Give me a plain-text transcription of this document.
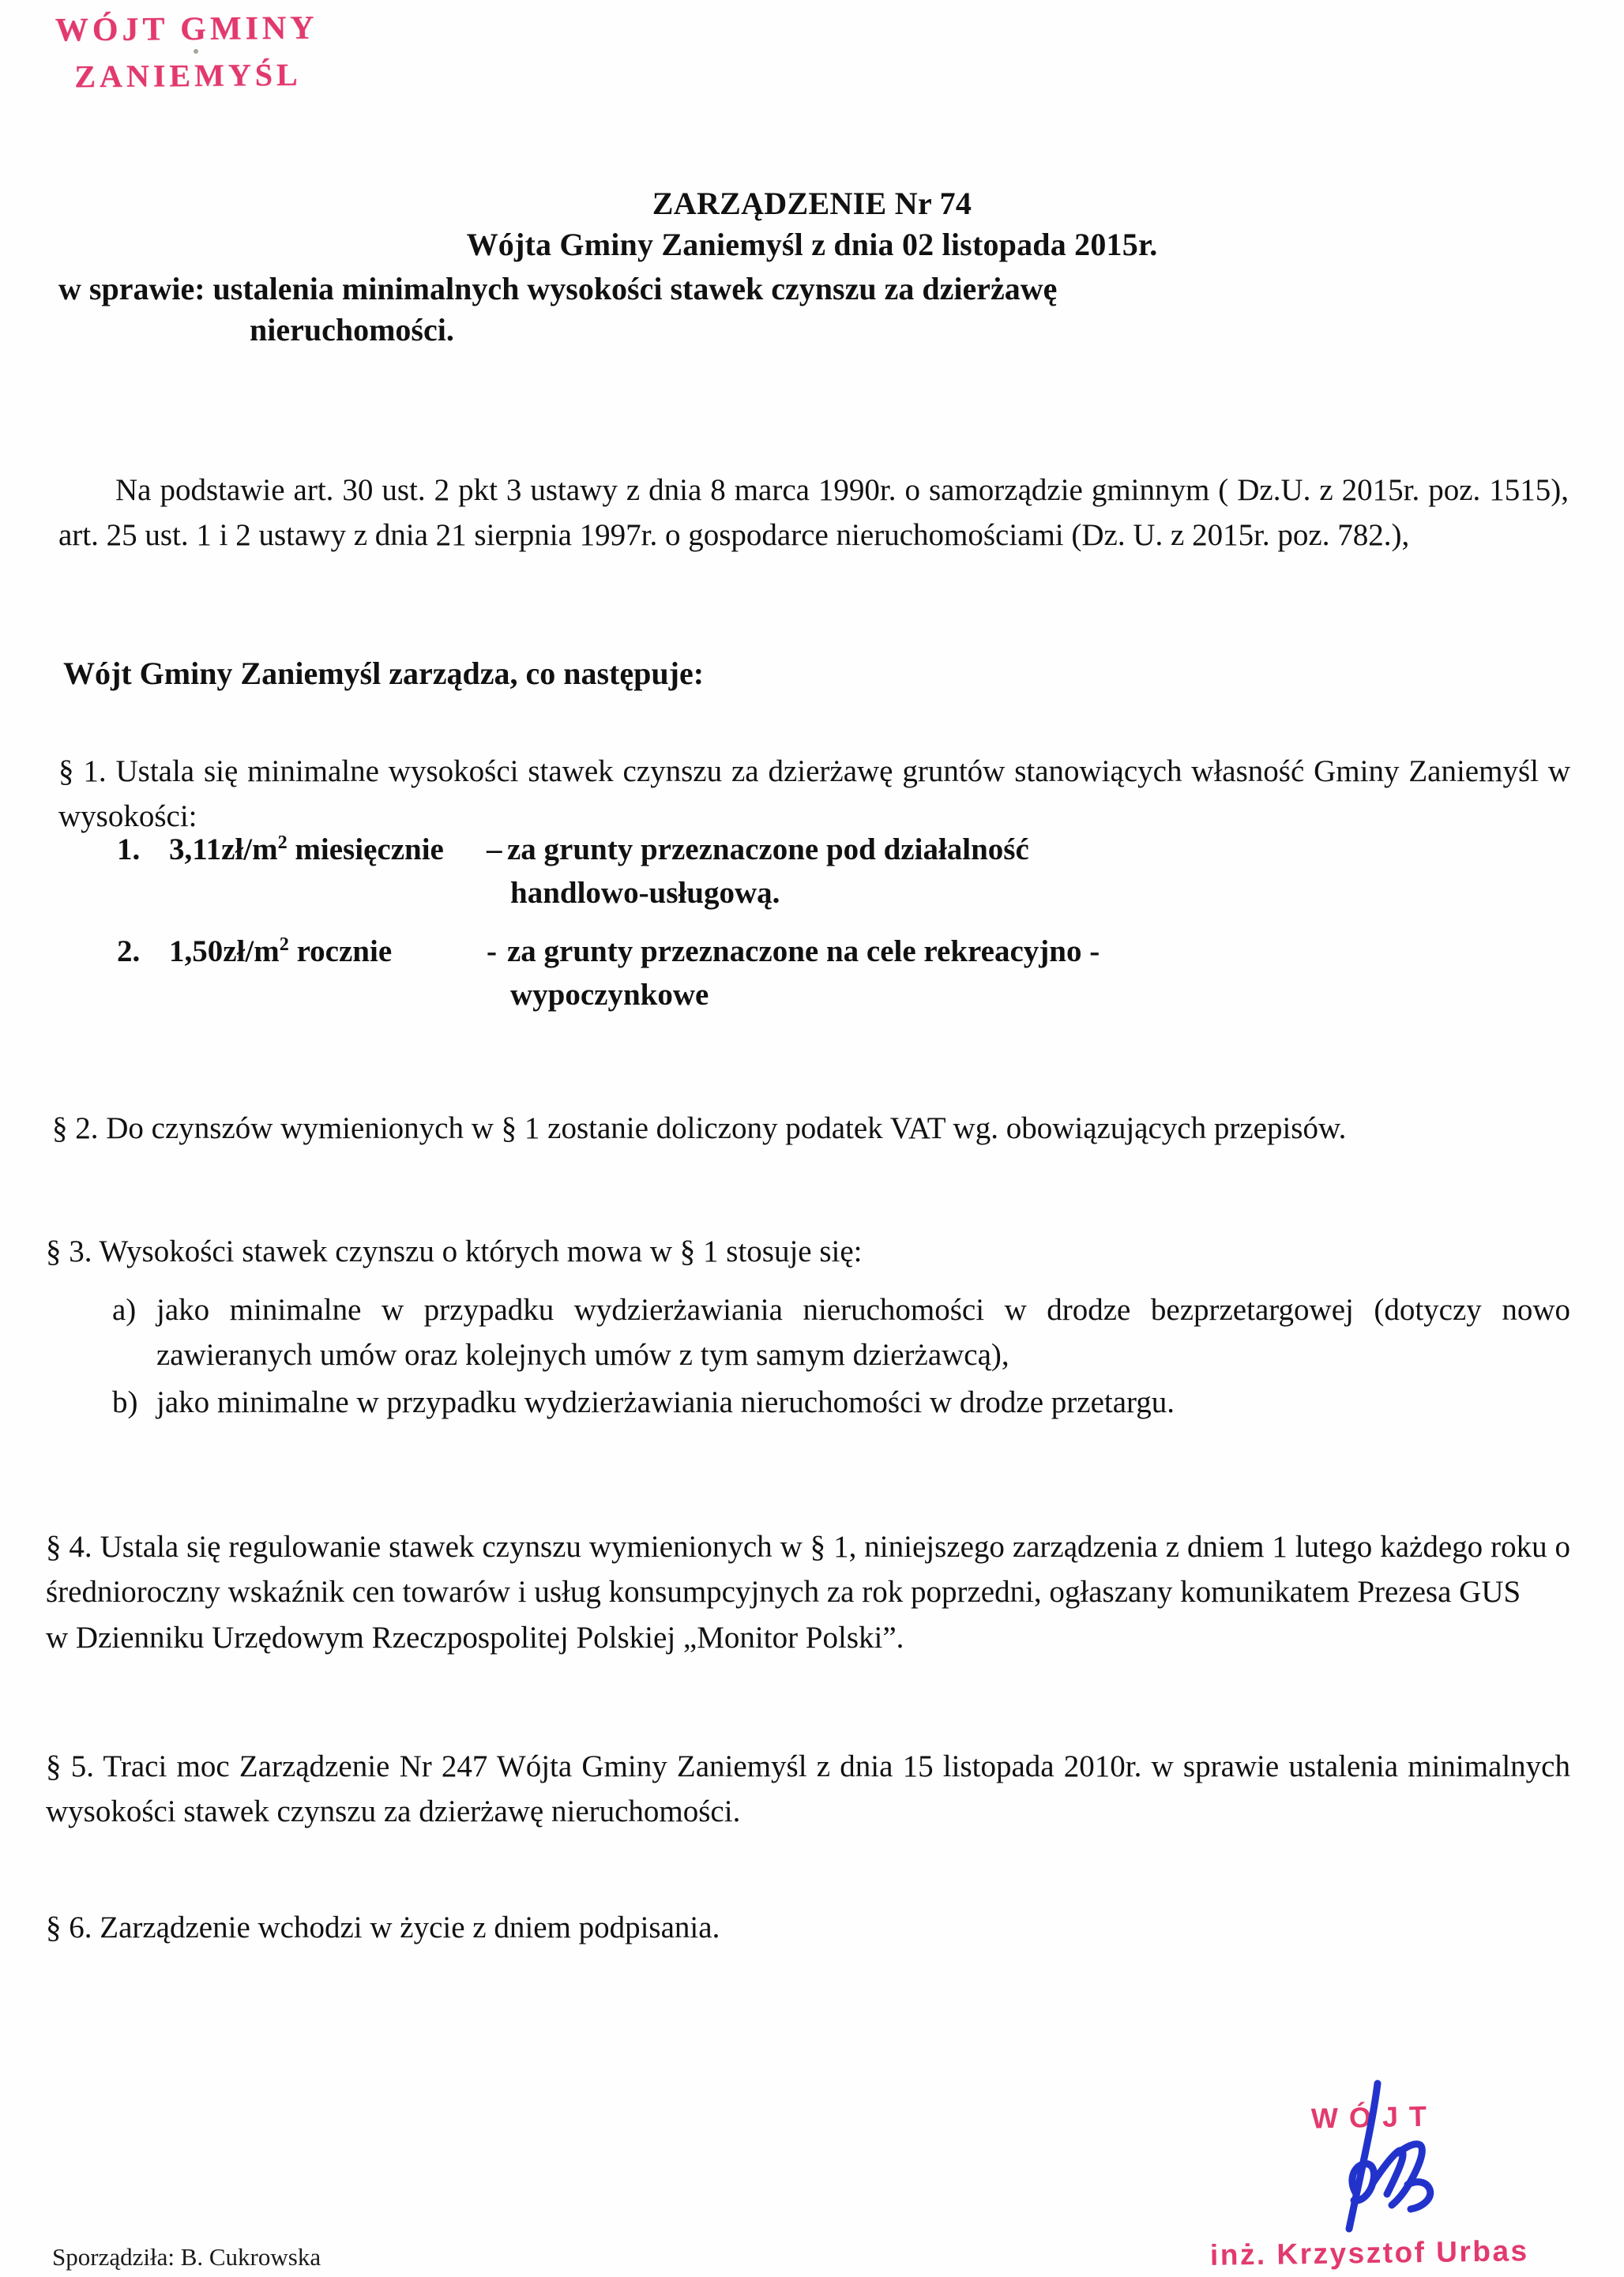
WÓJT GMINY
ZANIEMYŚL
ZARZĄDZENIE Nr 74
Wójta Gminy Zaniemyśl z dnia 02 listopada 2015r.
w sprawie: ustalenia minimalnych wysokości stawek czynszu za dzierżawę
nieruchomości.
Na podstawie art. 30 ust. 2 pkt 3 ustawy z dnia 8 marca 1990r. o samorządzie gminnym ( Dz.U. z 2015r. poz. 1515), art. 25 ust. 1 i 2 ustawy z dnia 21 sierpnia 1997r. o gospodarce nieruchomościami (Dz. U. z 2015r. poz. 782.),
Wójt Gminy Zaniemyśl zarządza, co następuje:
§ 1. Ustala się minimalne wysokości stawek czynszu za dzierżawę gruntów stanowiących własność Gminy Zaniemyśl w wysokości:
1. $3,11zł/m^2$ miesięcznie	– za grunty przeznaczone pod działalność
handlowo-usługową.
2. $1,50zł/m^2$ rocznie	- za grunty przeznaczone na cele rekreacyjno -
wypoczynkowe
§ 2. Do czynszów wymienionych w § 1 zostanie doliczony podatek VAT wg. obowiązujących przepisów.
§ 3. Wysokości stawek czynszu o których mowa w § 1 stosuje się:
a) jako minimalne w przypadku wydzierżawiania nieruchomości w drodze bezprzetargowej (dotyczy nowo zawieranych umów oraz kolejnych umów z tym samym dzierżawcą),
b) jako minimalne w przypadku wydzierżawiania nieruchomości w drodze przetargu.
§ 4. Ustala się regulowanie stawek czynszu wymienionych w § 1, niniejszego zarządzenia z dniem 1 lutego każdego roku o średnioroczny wskaźnik cen towarów i usług konsumpcyjnych za rok poprzedni, ogłaszany komunikatem Prezesa GUS
w Dzienniku Urzędowym Rzeczpospolitej Polskiej „Monitor Polski”.
§ 5. Traci moc Zarządzenie Nr 247 Wójta Gminy Zaniemyśl z dnia 15 listopada 2010r. w sprawie ustalenia minimalnych wysokości stawek czynszu za dzierżawę nieruchomości.
§ 6. Zarządzenie wchodzi w życie z dniem podpisania.
WÓJT
inż. Krzysztof Urbas
Sporządziła: B. Cukrowska
